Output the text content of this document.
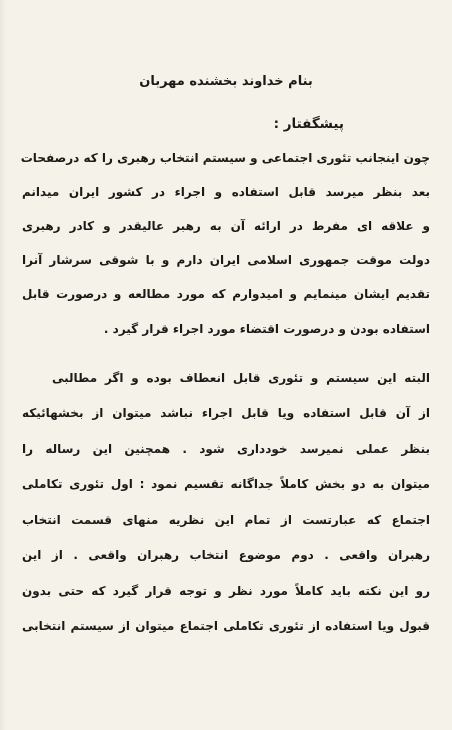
بنام خداوند بخشنده مهربان
پیشگفتار :
چون اینجانب تئوری اجتماعی و سیستم انتخاب رهبری را که درصفحات
بعد بنظر میرسد قابل استفاده و اجراء در کشور ایران میدانم
و علاقه ای مفرط در ارائه آن به رهبر عالیقدر و کادر رهبری
دولت موقت جمهوری اسلامی ایران دارم و با شوقی سرشار آنرا
تقدیم ایشان مینمایم و امیدوارم که مورد مطالعه و درصورت قابل
استفاده بودن و درصورت اقتضاء مورد اجراء قرار گیرد .
البته این سیستم و تئوری قابل انعطاف بوده و اگر مطالبی
از آن قابل استفاده ویا قابل اجراء نباشد میتوان از بخشهائیکه
بنظر عملی نمیرسد خودداری شود . همچنین این رساله را
میتوان به دو بخش کاملاً جداگانه تقسیم نمود : اول تئوری تکاملی
اجتماع که عبارتست از تمام این نظریه منهای قسمت انتخاب
رهبران واقعی . دوم موضوع انتخاب رهبران واقعی . از این
رو این نکته باید کاملاً مورد نظر و توجه قرار گیرد که حتی بدون
قبول ویا استفاده از تئوری تکاملی اجتماع میتوان از سیستم انتخابی
